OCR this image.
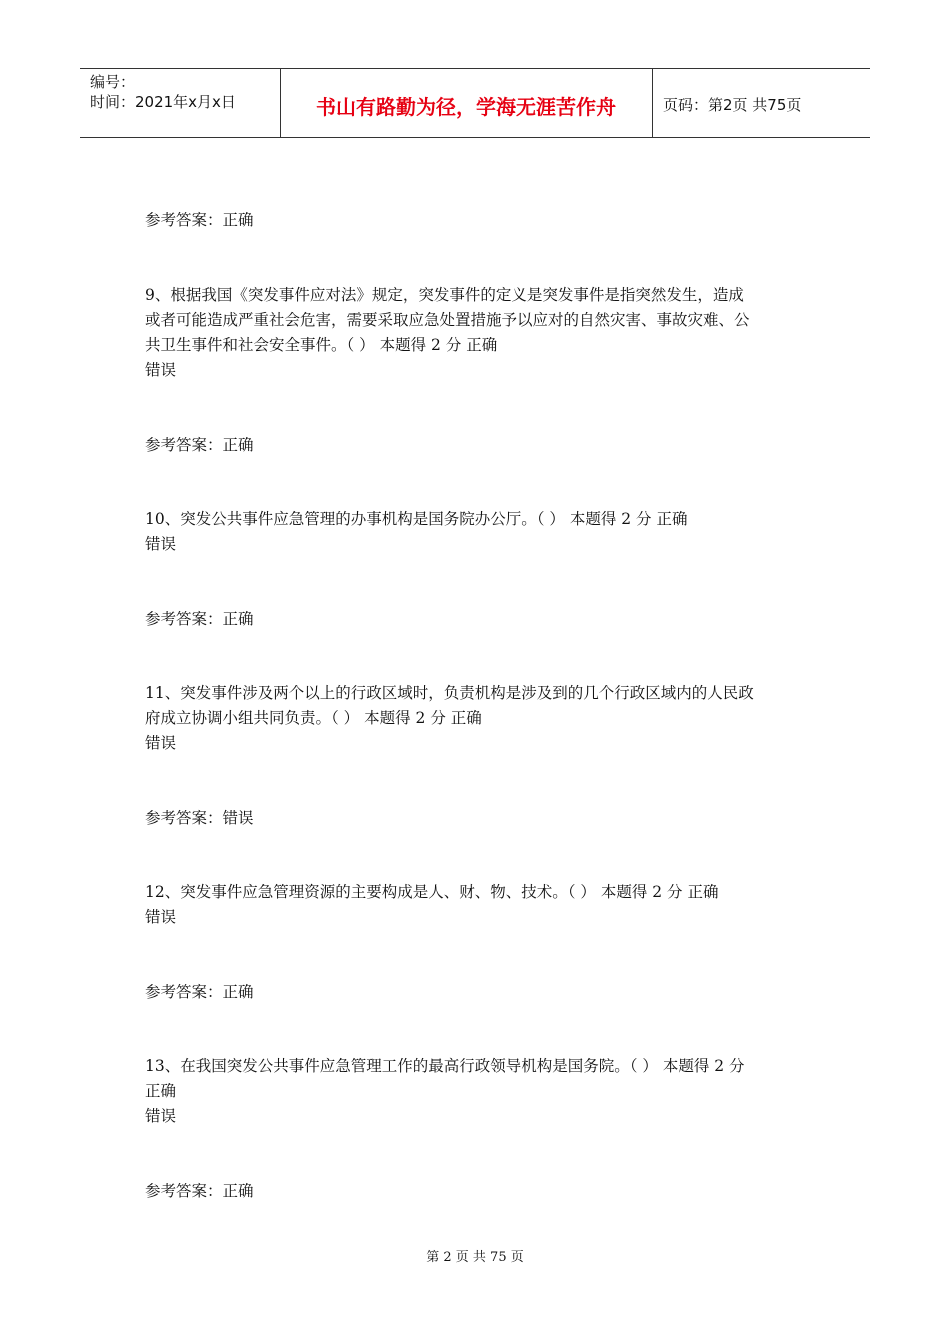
编号：
时间：2021年x月x日	书山有路勤为径，学海无涯苦作舟	页码：第2页 共75页
参考答案：正确

9、根据我国《突发事件应对法》规定，突发事件的定义是突发事件是指突然发生，造成

或者可能造成严重社会危害，需要采取应急处置措施予以应对的自然灾害、事故灾难、公

共卫生事件和社会安全事件。（ ） 本题得 2 分 正确

错误

参考答案：正确

10、突发公共事件应急管理的办事机构是国务院办公厅。（ ） 本题得 2 分 正确

错误

参考答案：正确

11、突发事件涉及两个以上的行政区域时，负责机构是涉及到的几个行政区域内的人民政

府成立协调小组共同负责。（ ） 本题得 2 分 正确

错误

参考答案：错误

12、突发事件应急管理资源的主要构成是人、财、物、技术。（ ） 本题得 2 分 正确

错误

参考答案：正确

13、在我国突发公共事件应急管理工作的最高行政领导机构是国务院。（ ） 本题得 2 分

正确

错误

参考答案：正确
第 2 页 共 75 页
